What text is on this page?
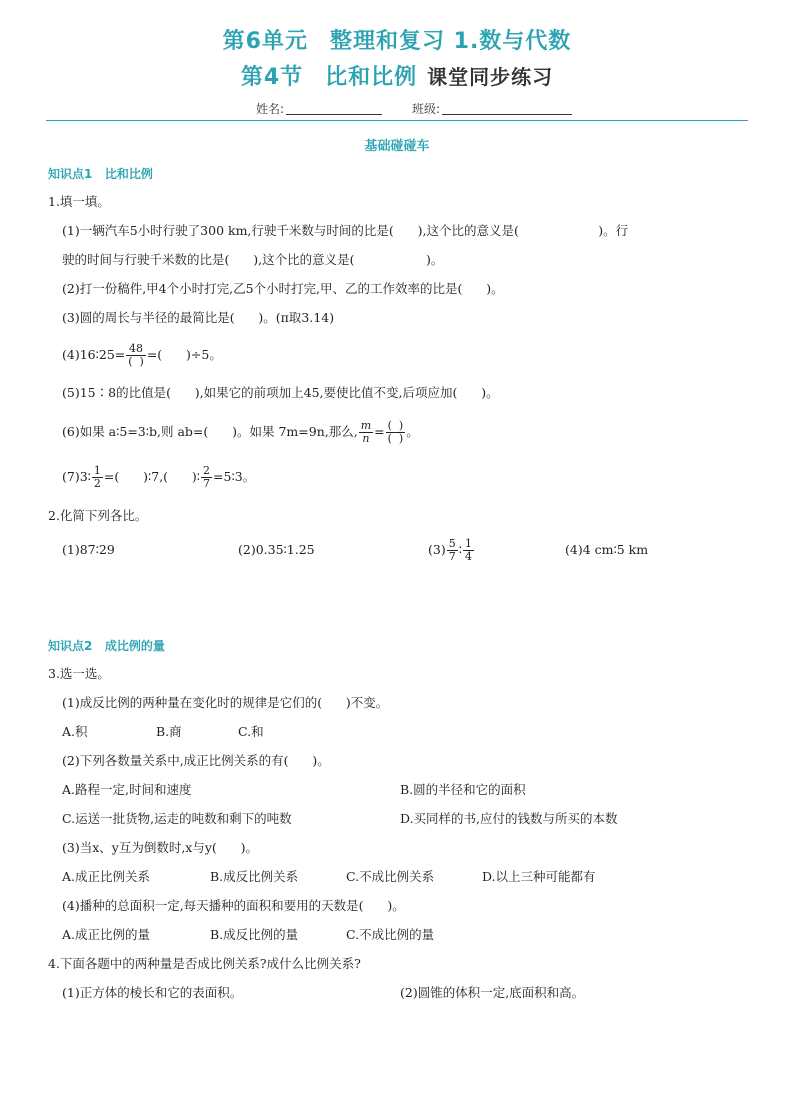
第6单元 整理和复习 1.数与代数
第4节 比和比例 课堂同步练习
姓名:	班级:
基础碰碰车
知识点1   比和比例
1.填一填。
(1)一辆汽车5小时行驶了300 km,行驶千米数与时间的比是(      ),这个比的意义是(                    )。行
驶的时间与行驶千米数的比是(      ),这个比的意义是(                  )。
(2)打一份稿件,甲4个小时打完,乙5个小时打完,甲、乙的工作效率的比是(      )。
(3)圆的周长与半径的最简比是(      )。(π取3.14)
(4)16∶25= $\frac{48}{( )}$ =(      )÷5。
(5)15∶8的比值是(      ),如果它的前项加上45,要使比值不变,后项应加(      )。
(6)如果 a∶5=3∶b,则 ab=(      )。如果 7m=9n,那么, $\frac{m}{n} = \frac{( )}{( )}$ 。
(7)3∶ $\frac{1}{2}$ =(      )∶7,(      )∶ $\frac{2}{7}$ =5∶3。
2.化简下列各比。
(1)87∶29	(2)0.35∶1.25	$(3) \frac{5}{7}$ ∶ $\frac{1}{4}$	(4)4 cm∶5 km
知识点2   成比例的量
3.选一选。
(1)成反比例的两种量在变化时的规律是它们的(      )不变。
A.积	B.商	C.和
(2)下列各数量关系中,成正比例关系的有(      )。
A.路程一定,时间和速度	B.圆的半径和它的面积
C.运送一批货物,运走的吨数和剩下的吨数	D.买同样的书,应付的钱数与所买的本数
(3)当x、y互为倒数时,x与y(      )。
A.成正比例关系	B.成反比例关系	C.不成比例关系	D.以上三种可能都有
(4)播种的总面积一定,每天播种的面积和要用的天数是(      )。
A.成正比例的量	B.成反比例的量	C.不成比例的量
4.下面各题中的两种量是否成比例关系?成什么比例关系?
(1)正方体的棱长和它的表面积。	(2)圆锥的体积一定,底面积和高。
